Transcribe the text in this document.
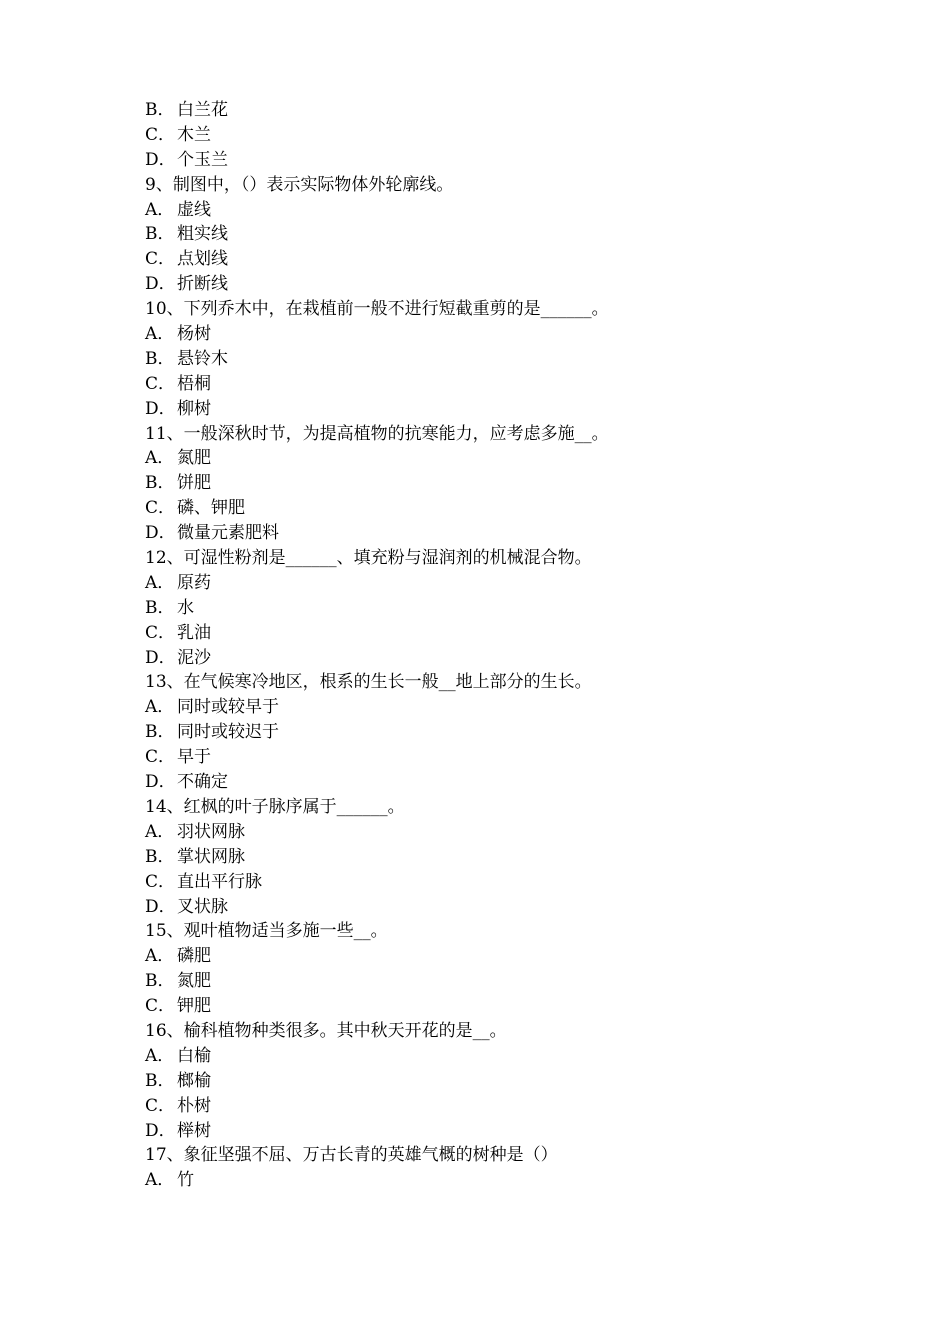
B． 白兰花
C． 木兰
D．个玉兰
9、制图中，（）表示实际物体外轮廓线。
A． 虚线
B． 粗实线
C． 点划线
D．折断线
10、下列乔木中，在栽植前一般不进行短截重剪的是______。
A． 杨树
B． 悬铃木
C． 梧桐
D．柳树
11、一般深秋时节，为提高植物的抗寒能力，应考虑多施__。
A． 氮肥
B． 饼肥
C． 磷、钾肥
D．微量元素肥料
12、可湿性粉剂是______、填充粉与湿润剂的机械混合物。
A． 原药
B． 水
C． 乳油
D．泥沙
13、在气候寒冷地区，根系的生长一般__地上部分的生长。
A． 同时或较早于
B． 同时或较迟于
C． 早于
D．不确定
14、红枫的叶子脉序属于______。
A． 羽状网脉
B． 掌状网脉
C． 直出平行脉
D．叉状脉
15、观叶植物适当多施一些__。
A． 磷肥
B． 氮肥
C． 钾肥
16、榆科植物种类很多。其中秋天开花的是__。
A． 白榆
B． 榔榆
C． 朴树
D．榉树
17、象征坚强不屈、万古长青的英雄气概的树种是（）
A． 竹
